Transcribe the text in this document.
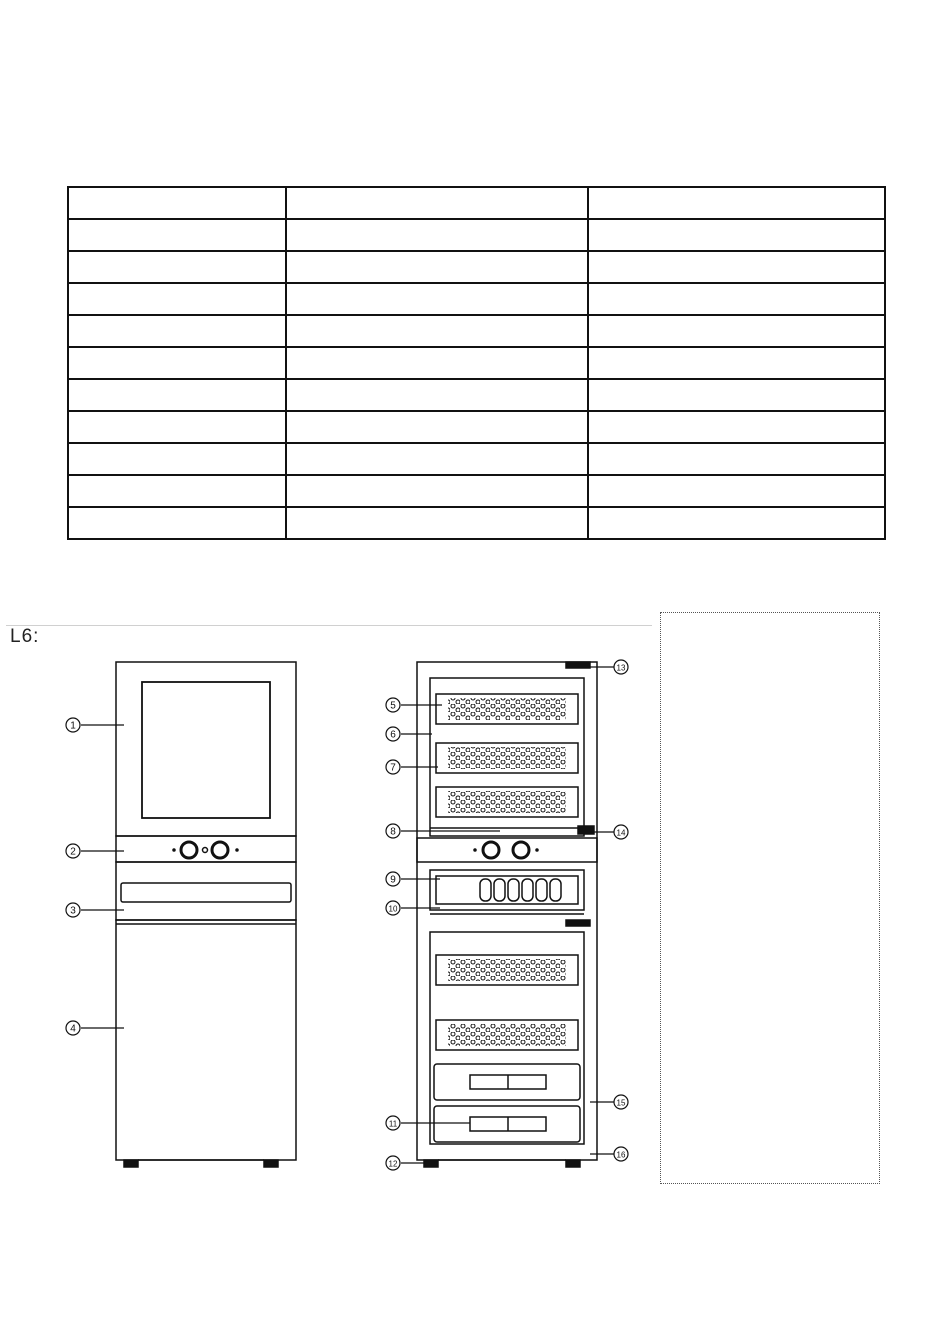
L6:
1
2
3
4
5
6
7
8
9
10
11
12
13
14
15
16
